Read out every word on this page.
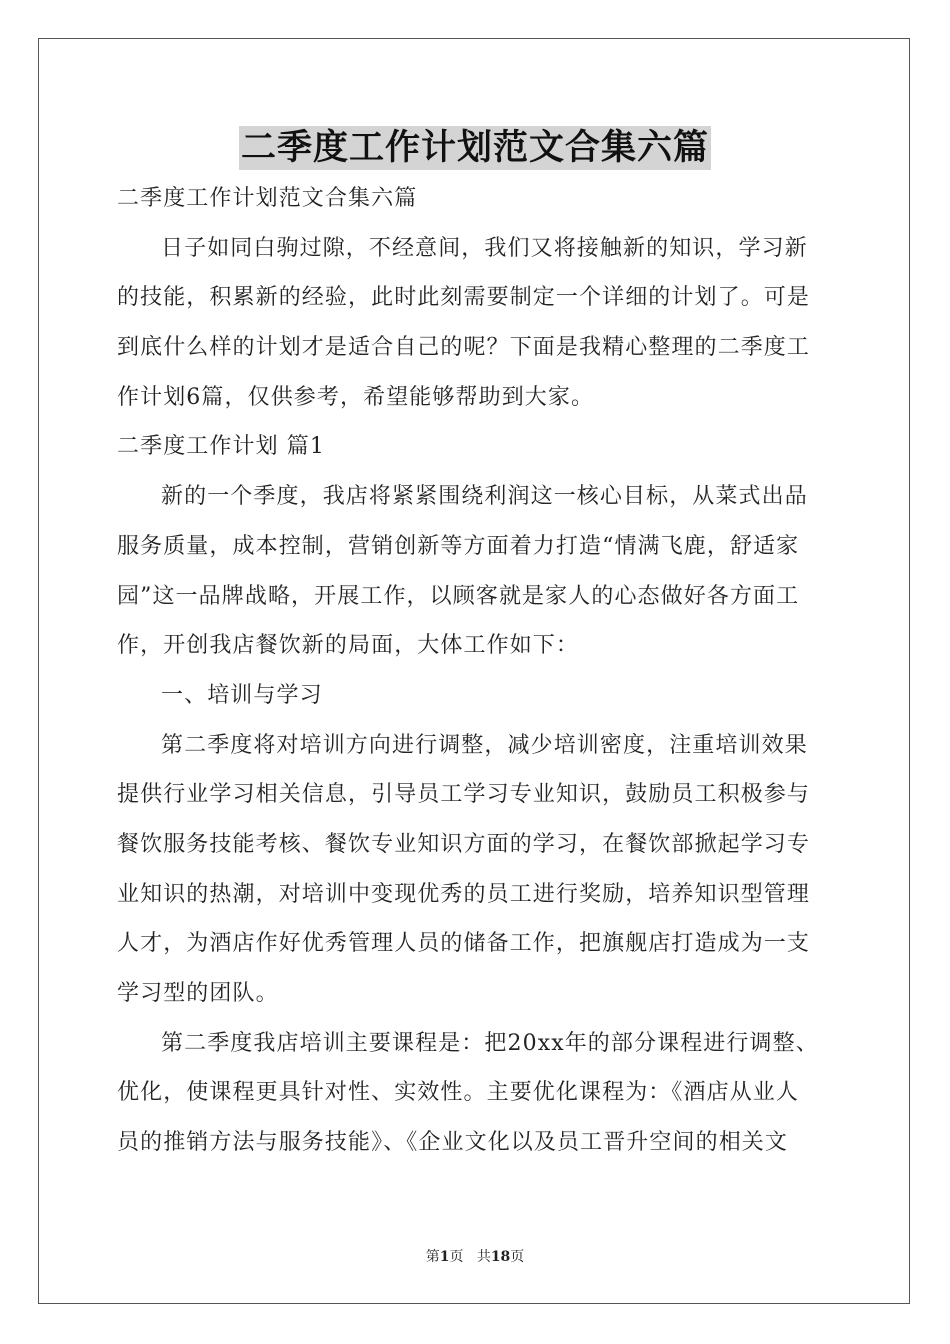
二季度工作计划范文合集六篇
二季度工作计划范文合集六篇
日子如同白驹过隙，不经意间，我们又将接触新的知识，学习新
的技能，积累新的经验，此时此刻需要制定一个详细的计划了。可是
到底什么样的计划才是适合自己的呢？下面是我精心整理的二季度工
作计划6篇，仅供参考，希望能够帮助到大家。
二季度工作计划 篇1
新的一个季度，我店将紧紧围绕利润这一核心目标，从菜式出品
服务质量，成本控制，营销创新等方面着力打造“情满飞鹿，舒适家
园”这一品牌战略，开展工作，以顾客就是家人的心态做好各方面工
作，开创我店餐饮新的局面，大体工作如下：
一、培训与学习
第二季度将对培训方向进行调整，减少培训密度，注重培训效果
提供行业学习相关信息，引导员工学习专业知识，鼓励员工积极参与
餐饮服务技能考核、餐饮专业知识方面的学习，在餐饮部掀起学习专
业知识的热潮，对培训中变现优秀的员工进行奖励，培养知识型管理
人才，为酒店作好优秀管理人员的储备工作，把旗舰店打造成为一支
学习型的团队。
第二季度我店培训主要课程是：把20xx年的部分课程进行调整、
优化，使课程更具针对性、实效性。主要优化课程为：《酒店从业人
员的推销方法与服务技能》、《企业文化以及员工晋升空间的相关文
第1页 共18页
